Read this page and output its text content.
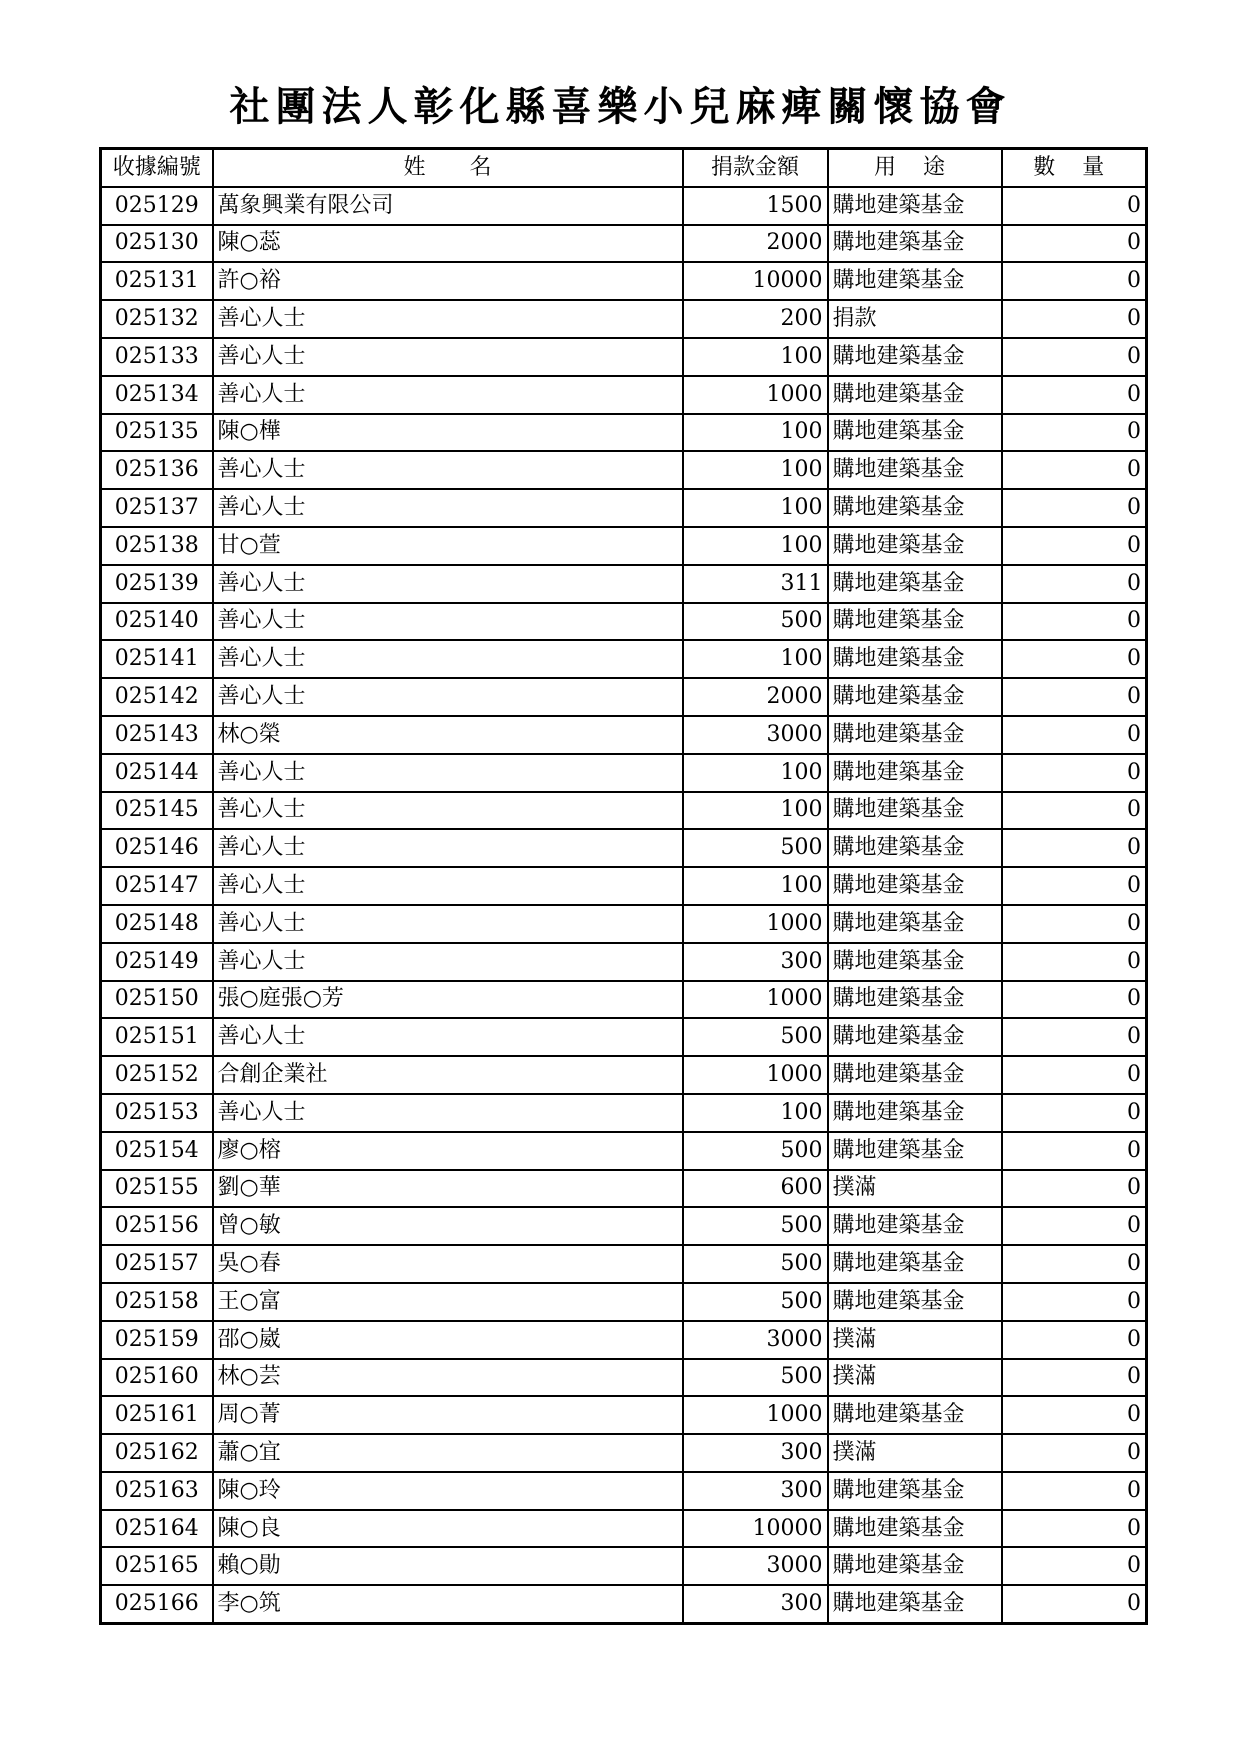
社團法人彰化縣喜樂小兒麻痺關懷協會
收據編號	姓　　名	捐款金額	用 途	數 量
025129	萬象興業有限公司	1500	購地建築基金	0
025130	陳○蕊	2000	購地建築基金	0
025131	許○裕	10000	購地建築基金	0
025132	善心人士	200	捐款	0
025133	善心人士	100	購地建築基金	0
025134	善心人士	1000	購地建築基金	0
025135	陳○樺	100	購地建築基金	0
025136	善心人士	100	購地建築基金	0
025137	善心人士	100	購地建築基金	0
025138	甘○萱	100	購地建築基金	0
025139	善心人士	311	購地建築基金	0
025140	善心人士	500	購地建築基金	0
025141	善心人士	100	購地建築基金	0
025142	善心人士	2000	購地建築基金	0
025143	林○榮	3000	購地建築基金	0
025144	善心人士	100	購地建築基金	0
025145	善心人士	100	購地建築基金	0
025146	善心人士	500	購地建築基金	0
025147	善心人士	100	購地建築基金	0
025148	善心人士	1000	購地建築基金	0
025149	善心人士	300	購地建築基金	0
025150	張○庭張○芳	1000	購地建築基金	0
025151	善心人士	500	購地建築基金	0
025152	合創企業社	1000	購地建築基金	0
025153	善心人士	100	購地建築基金	0
025154	廖○榕	500	購地建築基金	0
025155	劉○華	600	撲滿	0
025156	曾○敏	500	購地建築基金	0
025157	吳○春	500	購地建築基金	0
025158	王○富	500	購地建築基金	0
025159	邵○崴	3000	撲滿	0
025160	林○芸	500	撲滿	0
025161	周○菁	1000	購地建築基金	0
025162	蕭○宜	300	撲滿	0
025163	陳○玲	300	購地建築基金	0
025164	陳○良	10000	購地建築基金	0
025165	賴○勛	3000	購地建築基金	0
025166	李○筑	300	購地建築基金	0
